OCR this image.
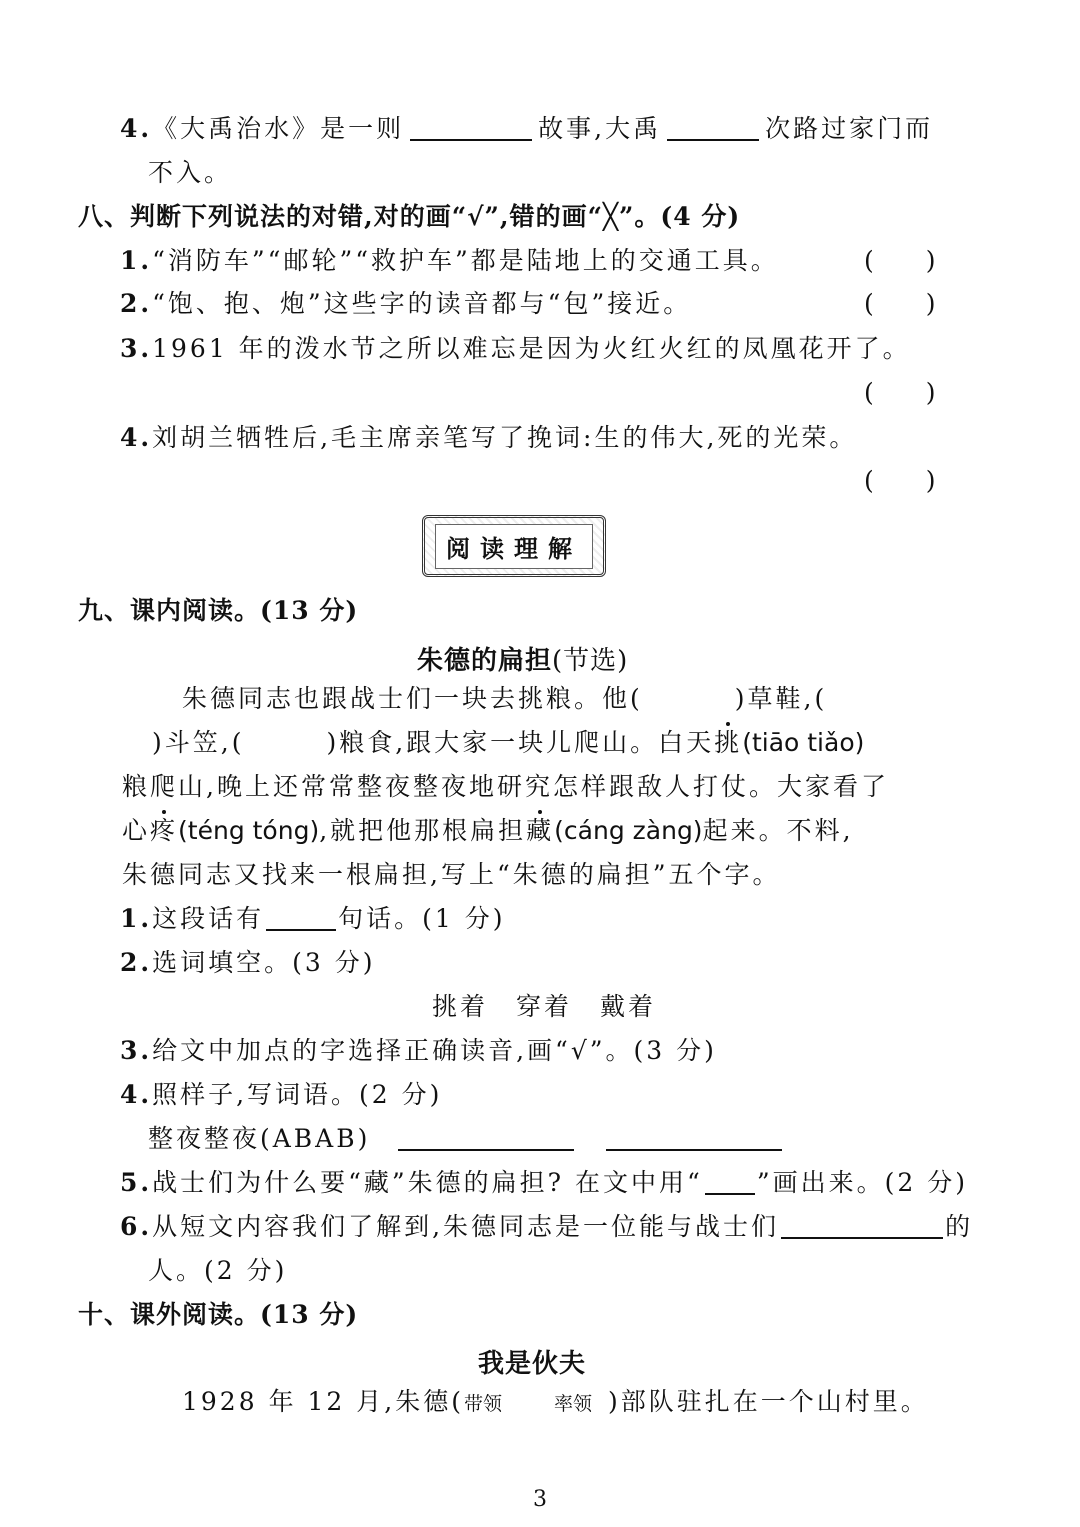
4.《大禹治水》是一则	故事,大禹	次路过家门而
不入。
八、判断下列说法的对错,对的画“√”,错的画“╳”。(4 分)
1.“消防车”“邮轮”“救护车”都是陆地上的交通工具。	( )
2.“饱、抱、炮”这些字的读音都与“包”接近。	( )
3.1961 年的泼水节之所以难忘是因为火红火红的凤凰花开了。
( )
4.刘胡兰牺牲后,毛主席亲笔写了挽词:生的伟大,死的光荣。
( )
阅读理解
九、课内阅读。(13 分)
朱德的扁担(节选)
朱德同志也跟战士们一块去挑粮。他(	)草鞋,(
)斗笠,(	)粮食,跟大家一块儿爬山。白天挑(tiāo tiǎo)
粮爬山,晚上还常常整夜整夜地研究怎样跟敌人打仗。大家看了
心疼(téng tóng),就把他那根扁担藏(cáng zàng)起来。不料,
朱德同志又找来一根扁担,写上“朱德的扁担”五个字。
1.这段话有	句话。(1 分)
2.选词填空。(3 分)
挑着　穿着　戴着
3.给文中加点的字选择正确读音,画“√”。(3 分)
4.照样子,写词语。(2 分)
整夜整夜(ABAB)
5.战士们为什么要“藏”朱德的扁担? 在文中用“ ”画出来。(2 分)
6.从短文内容我们了解到,朱德同志是一位能与战士们	的
人。(2 分)
十、课外阅读。(13 分)
我是伙夫
1928 年 12 月,朱德(带领	率领 )部队驻扎在一个山村里。
3
